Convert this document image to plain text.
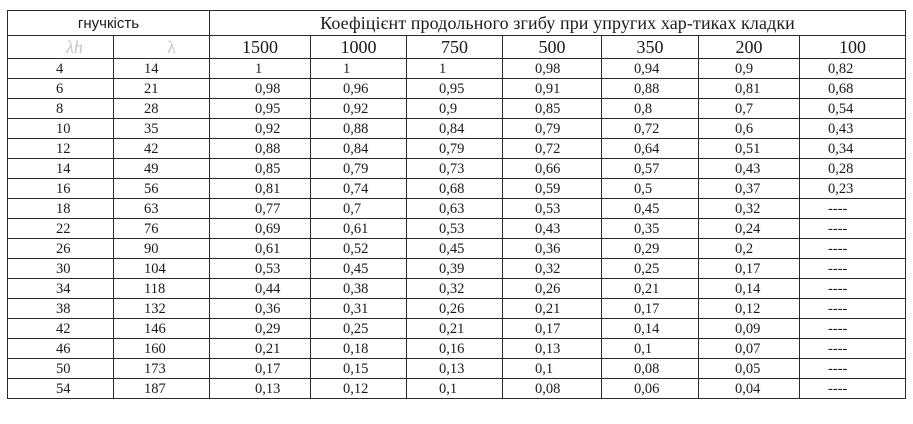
гнучкість		Коефіцієнт продольного згибу при упругих хар-тиках кладки						
λh	λ	1500	1000	750	500	350	200	100
4	14	1	1	1	0,98	0,94	0,9	0,82
6	21	0,98	0,96	0,95	0,91	0,88	0,81	0,68
8	28	0,95	0,92	0,9	0,85	0,8	0,7	0,54
10	35	0,92	0,88	0,84	0,79	0,72	0,6	0,43
12	42	0,88	0,84	0,79	0,72	0,64	0,51	0,34
14	49	0,85	0,79	0,73	0,66	0,57	0,43	0,28
16	56	0,81	0,74	0,68	0,59	0,5	0,37	0,23
18	63	0,77	0,7	0,63	0,53	0,45	0,32	----
22	76	0,69	0,61	0,53	0,43	0,35	0,24	----
26	90	0,61	0,52	0,45	0,36	0,29	0,2	----
30	104	0,53	0,45	0,39	0,32	0,25	0,17	----
34	118	0,44	0,38	0,32	0,26	0,21	0,14	----
38	132	0,36	0,31	0,26	0,21	0,17	0,12	----
42	146	0,29	0,25	0,21	0,17	0,14	0,09	----
46	160	0,21	0,18	0,16	0,13	0,1	0,07	----
50	173	0,17	0,15	0,13	0,1	0,08	0,05	----
54	187	0,13	0,12	0,1	0,08	0,06	0,04	----
